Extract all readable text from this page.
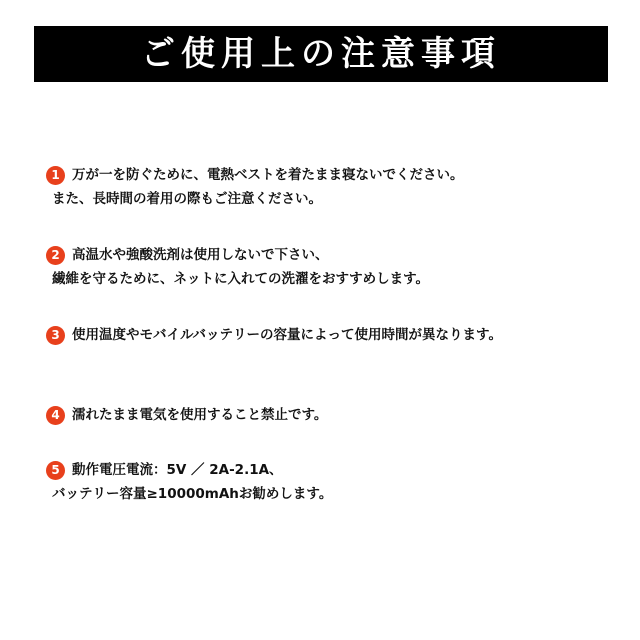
ご使用上の注意事項
1 万が一を防ぐために、電熱ベストを着たまま寝ないでください。
また、長時間の着用の際もご注意ください。
2 高温水や強酸洗剤は使用しないで下さい、
繊維を守るために、ネットに入れての洗濯をおすすめします。
3 使用温度やモバイルバッテリーの容量によって使用時間が異なります。
4 濡れたまま電気を使用すること禁止です。
5 動作電圧電流：5V ／ 2A-2.1A、
バッテリー容量≥10000mAhお勧めします。
